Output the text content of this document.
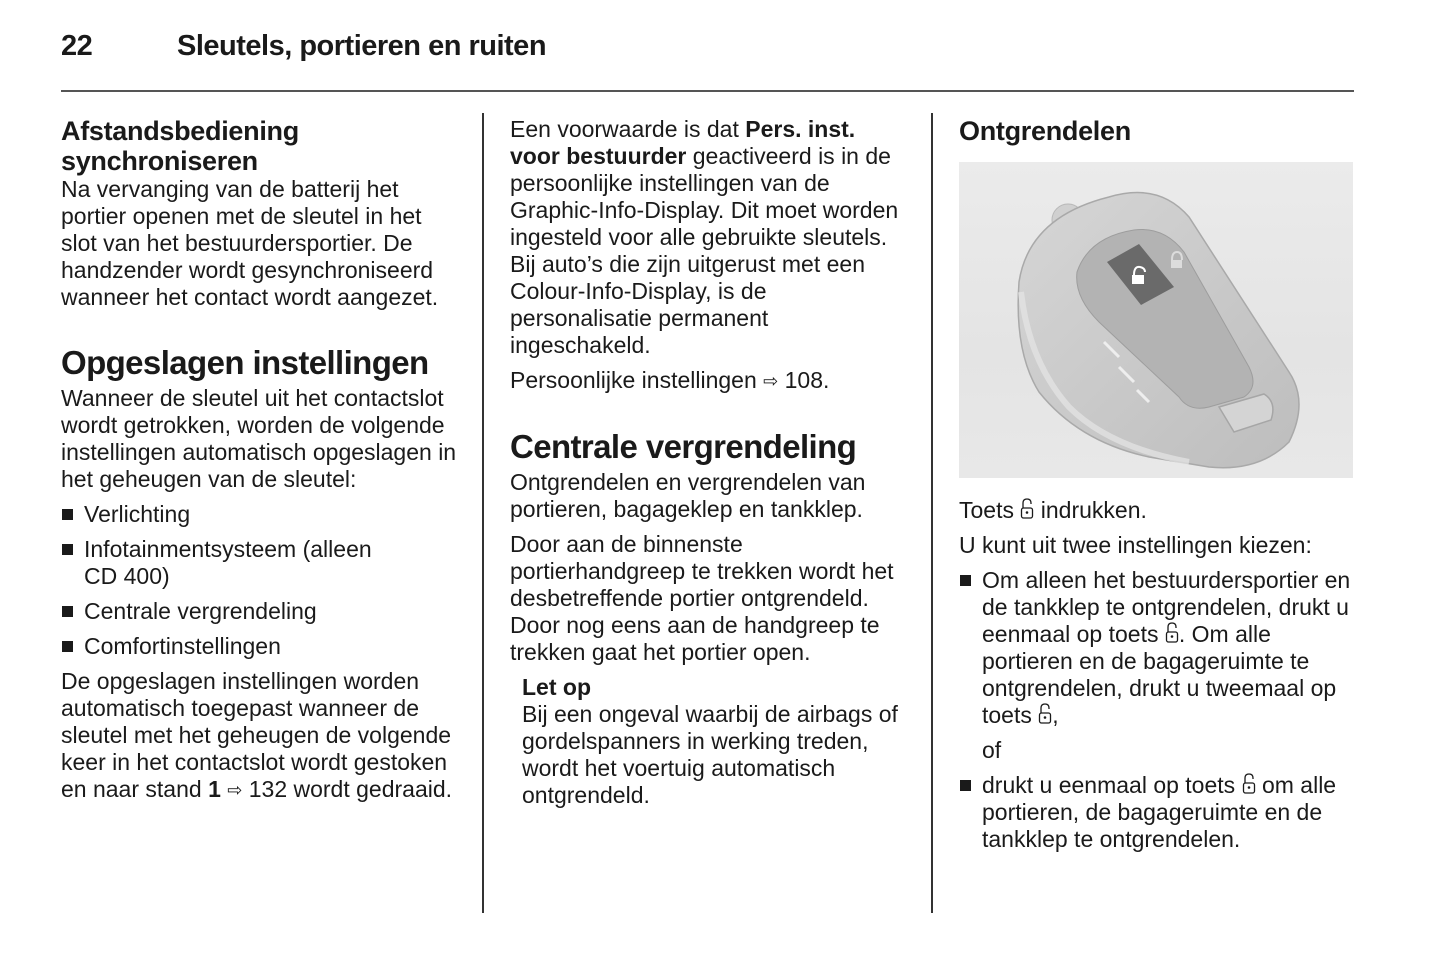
22	Sleutels, portieren en ruiten
Afstandsbediening
synchroniseren

Na vervanging van de batterij het portier openen met de sleutel in het slot van het bestuurdersportier. De handzender wordt gesynchroniseerd wanneer het contact wordt aangezet.

Opgeslagen instellingen

Wanneer de sleutel uit het contactslot wordt getrokken, worden de volgende instellingen automatisch opgeslagen in het geheugen van de sleutel:

Verlichting
Infotainmentsysteem (alleen CD 400)
Centrale vergrendeling
Comfortinstellingen

De opgeslagen instellingen worden automatisch toegepast wanneer de sleutel met het geheugen de volgende keer in het contactslot wordt gestoken en naar stand 1 ⇨ 132 wordt gedraaid.

Een voorwaarde is dat Pers. inst. voor bestuurder geactiveerd is in de persoonlijke instellingen van de Graphic-Info-Display. Dit moet worden ingesteld voor alle gebruikte sleutels. Bij auto’s die zijn uitgerust met een Colour-Info-Display, is de personalisatie permanent ingeschakeld.

Persoonlijke instellingen ⇨ 108.

Centrale vergrendeling

Ontgrendelen en vergrendelen van portieren, bagageklep en tankklep.

Door aan de binnenste portierhandgreep te trekken wordt het desbetreffende portier ontgrendeld. Door nog eens aan de handgreep te trekken gaat het portier open.

Let op
Bij een ongeval waarbij de airbags of gordelspanners in werking treden, wordt het voertuig automatisch ontgrendeld.
Ontgrendelen

Toets  indrukken.

U kunt uit twee instellingen kiezen:

Om alleen het bestuurdersportier en de tankklep te ontgrendelen, drukt u eenmaal op toets . Om alle portieren en de bagageruimte te ontgrendelen, drukt u tweemaal op toets ,
of
drukt u eenmaal op toets  om alle portieren, de bagageruimte en de tankklep te ontgrendelen.
